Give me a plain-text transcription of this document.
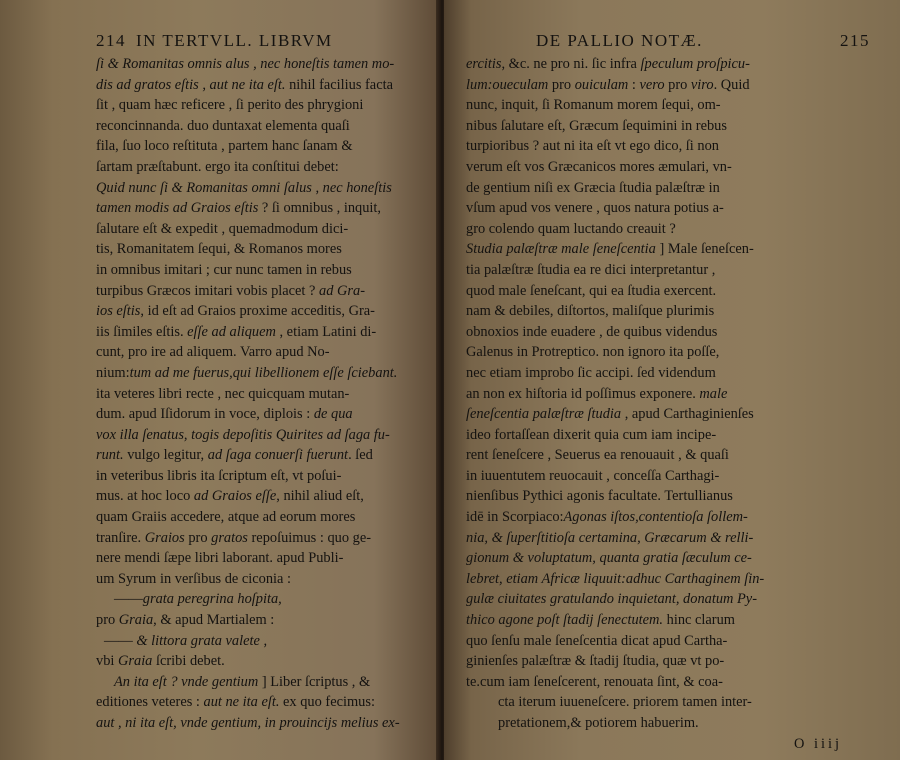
214 IN TERTVLL. LIBRVM
ſi & Romanitas omnis alus , nec honeſtis tamen mo-
dis ad gratos eſtis , aut ne ita eſt. nihil facilius facta
ſit , quam hæc reficere , ſi perito des phrygioni
reconcinnanda. duo duntaxat elementa quaſi
fila, ſuo loco reſtituta , partem hanc ſanam &
ſartam præſtabunt. ergo ita conſtitui debet:
Quid nunc ſi & Romanitas omni ſalus , nec honeſtis
tamen modis ad Graios eſtis ? ſi omnibus , inquit,
ſalutare eſt & expedit , quemadmodum dici-
tis, Romanitatem ſequi, & Romanos mores
in omnibus imitari ; cur nunc tamen in rebus
turpibus Græcos imitari vobis placet ? ad Gra-
ios eſtis, id eſt ad Graios proxime acceditis, Gra-
iis ſimiles eſtis. eſſe ad aliquem , etiam Latini di-
cunt, pro ire ad aliquem. Varro apud No-
nium:tum ad me fuerus,qui libellionem eſſe ſciebant.
ita veteres libri recte , nec quicquam mutan-
dum. apud Iſidorum in voce, diplois : de qua
vox illa ſenatus, togis depoſitis Quirites ad ſaga fu-
runt. vulgo legitur, ad ſaga conuerſi fuerunt. ſed
in veteribus libris ita ſcriptum eſt, vt poſui-
mus. at hoc loco ad Graios eſſe, nihil aliud eſt,
quam Graiis accedere, atque ad eorum mores
tranſire. Graios pro gratos repoſuimus : quo ge-
nere mendi ſæpe libri laborant. apud Publi-
um Syrum in verſibus de ciconia :
——grata peregrina hoſpita,
pro Graia, & apud Martialem :
—— & littora grata valete ,
vbi Graia ſcribi debet.
An ita eſt ? vnde gentium ] Liber ſcriptus , &
editiones veteres : aut ne ita eſt. ex quo fecimus:
aut , ni ita eſt, vnde gentium, in prouincijs melius ex-
DE PALLIO NOTÆ.	215
ercitis, &c. ne pro ni. ſic infra ſpeculum proſpicu-
lum:oueculam pro ouiculam : vero pro viro. Quid
nunc, inquit, ſi Romanum morem ſequi, om-
nibus ſalutare eſt, Græcum ſequimini in rebus
turpioribus ? aut ni ita eſt vt ego dico, ſi non
verum eſt vos Græcanicos mores æmulari, vn-
de gentium niſi ex Græcia ſtudia palæſtræ in
vſum apud vos venere , quos natura potius a-
gro colendo quam luctando creauit ?
Studia palæſtræ male ſeneſcentia ] Male ſeneſcen-
tia palæſtræ ſtudia ea re dici interpretantur ,
quod male ſeneſcant, qui ea ſtudia exercent.
nam & debiles, diſtortos, maliſque plurimis
obnoxios inde euadere , de quibus videndus
Galenus in Protreptico. non ignoro ita poſſe,
nec etiam improbo ſic accipi. ſed videndum
an non ex hiſtoria id poſſimus exponere. male
ſeneſcentia palæſtræ ſtudia , apud Carthaginienſes
ideo fortaſſean dixerit quia cum iam incipe-
rent ſeneſcere , Seuerus ea renouauit , & quaſi
in iuuentutem reuocauit , conceſſa Carthagi-
nienſibus Pythici agonis facultate. Tertullianus
idē in Scorpiaco:Agonas iſtos,contentioſa ſollem-
nia, & ſuperſtitioſa certamina, Græcarum & relli-
gionum & voluptatum, quanta gratia ſæculum ce-
lebret, etiam Africæ liquuit:adhuc Carthaginem ſin-
gulæ ciuitates gratulando inquietant, donatum Py-
thico agone poſt ſtadij ſenectutem. hinc clarum
quo ſenſu male ſeneſcentia dicat apud Cartha-
ginienſes palæſtræ & ſtadij ſtudia, quæ vt po-
te.cum iam ſeneſcerent, renouata ſint, & coa-
cta iterum iuueneſcere. priorem tamen inter-
pretationem,& potiorem habuerim.
O iiij
